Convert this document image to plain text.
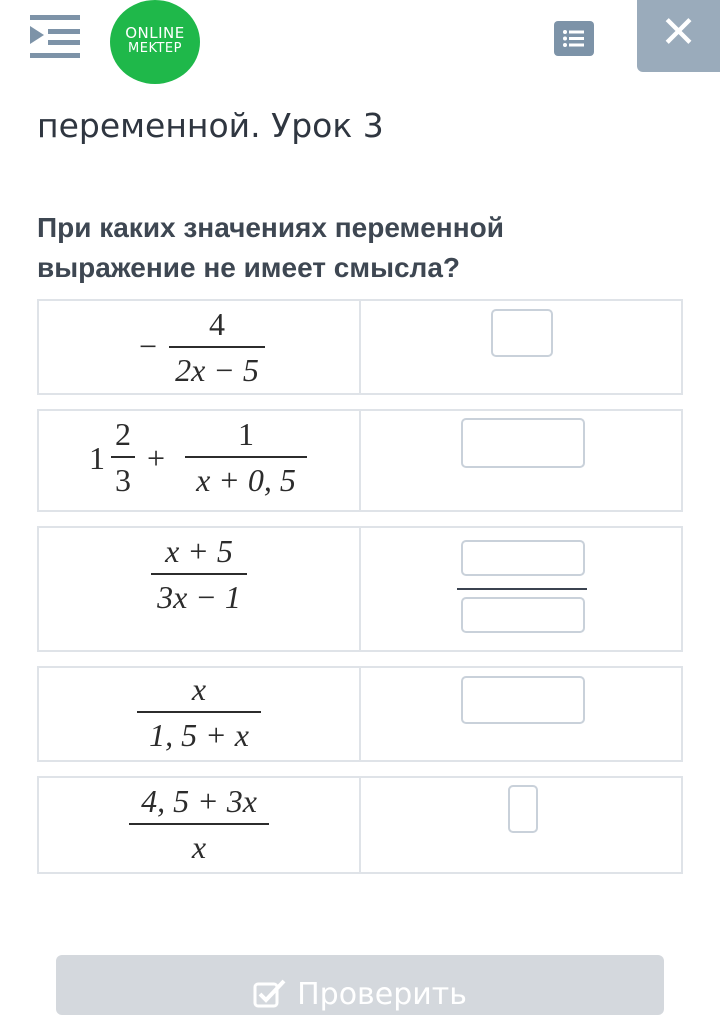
ONLINE
MEKTEP	✕
переменной. Урок 3
При каких значениях переменной выражение не имеет смысла?
−
4
2x − 5
1
2
3
+
1
x + 0, 5
x + 5
3x − 1
x
1, 5 + x
4, 5 + 3x
x
Проверить
